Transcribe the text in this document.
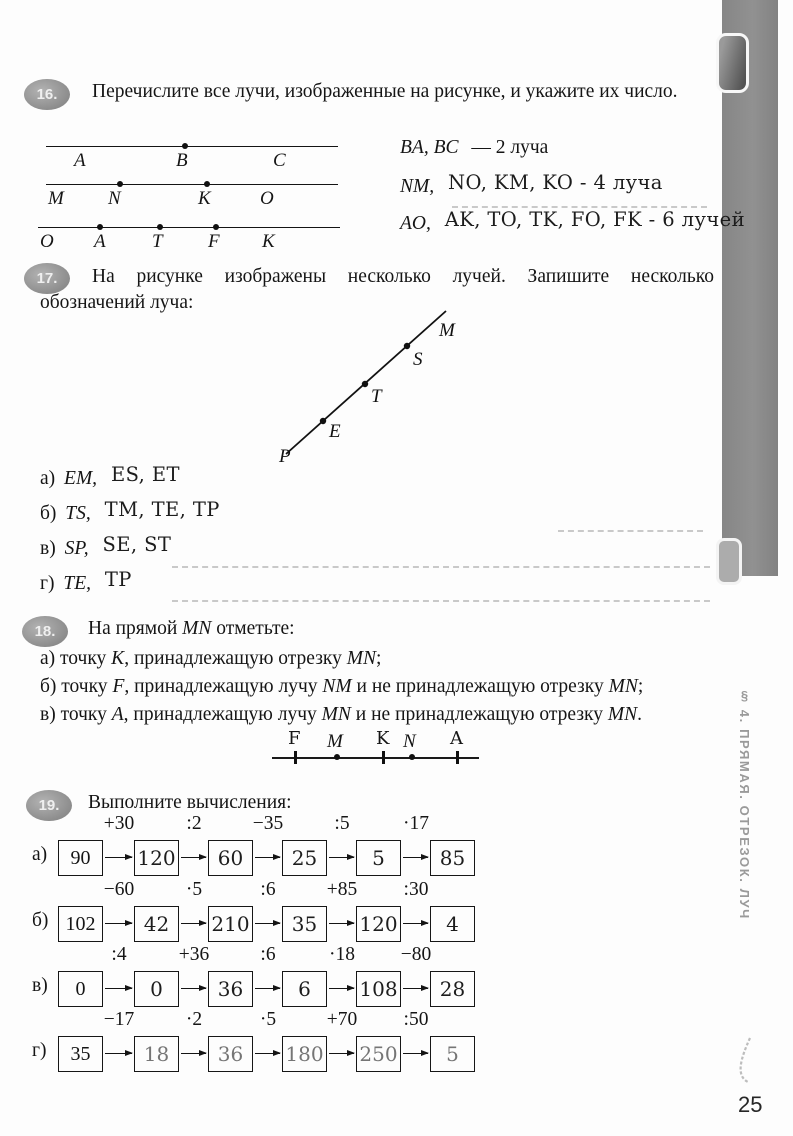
§ 4. ПРЯМАЯ. ОТРЕЗОК. ЛУЧ
25
16.	Перечислите все лучи, изображенные на рисунке, и укажите их число.

A	B	C
M N	K	O
O A T F K
BA, BC — 2 луча
NM, NO, KM, KO - 4 луча
AO, AK, TO, TK, FO, FK - 6 лучей
17.	На рисунке изображены несколько лучей. Запишите несколько обозначений луча:

P
E
T
S
M
а) EM, ES, ET
б) TS, TM, TE, TP
в) SP, SE, ST
г) TE, TP
18.	На прямой MN отметьте:
а) точку K, принадлежащую отрезку MN;
б) точку F, принадлежащую лучу NM и не принадлежащую отрезку MN;
в) точку A, принадлежащую лучу MN и не принадлежащую отрезку MN.
F M K N A
19.	Выполните вычисления:
а)
+30	:2	−35	:5	·17
90	120	60	25	5	85
б)
−60	·5	:6	+85	:30
102	42	210	35	120	4
в)
:4	+36	:6	·18	−80
0	0	36	6	108	28
г)
−17	·2	·5	+70	:50
35	18	36	180 250	5
